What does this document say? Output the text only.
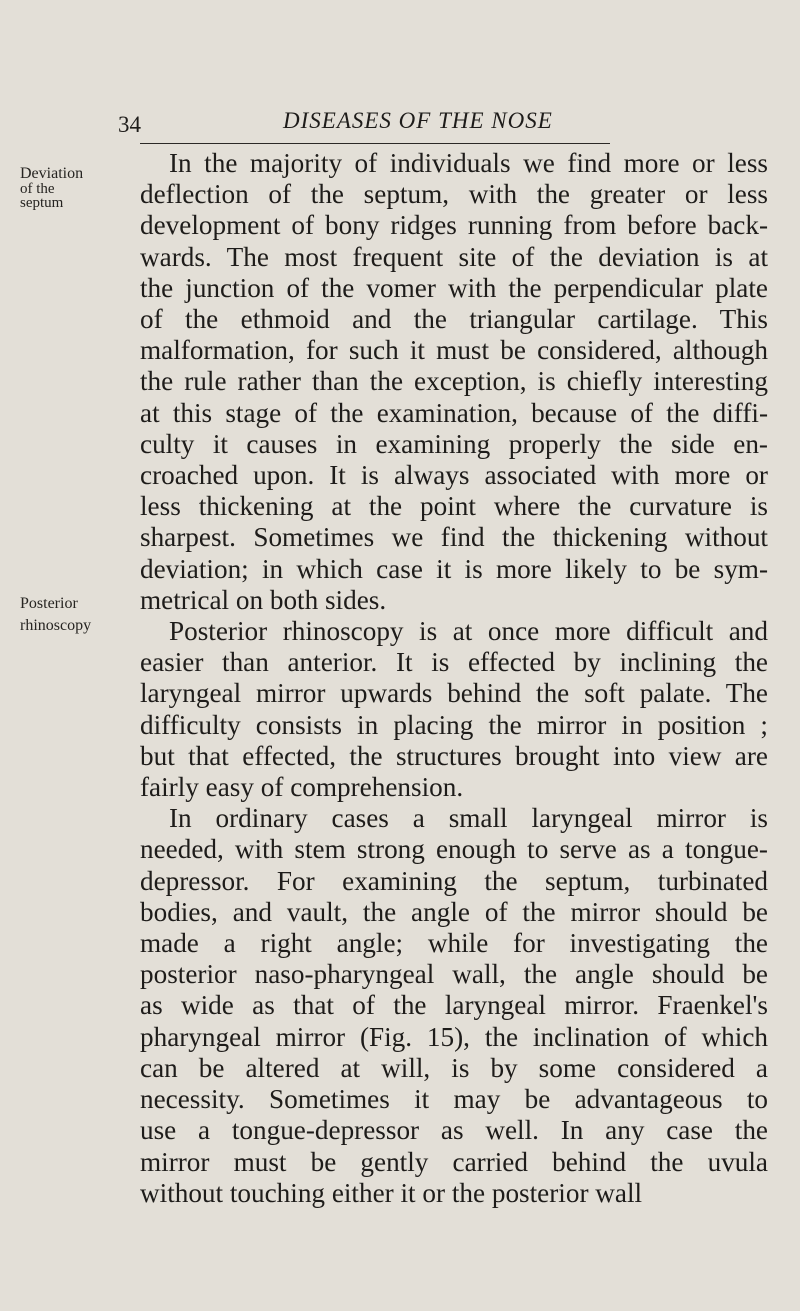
34	DISEASES OF THE NOSE
Deviation
of the
septum
Posterior
rhinoscopy

In the majority of individuals we find more or less
deflection of the septum, with the greater or less
development of bony ridges running from before back-
wards. The most frequent site of the deviation is at
the junction of the vomer with the perpendicular plate
of the ethmoid and the triangular cartilage. This
malformation, for such it must be considered, although
the rule rather than the exception, is chiefly interesting
at this stage of the examination, because of the diffi-
culty it causes in examining properly the side en-
croached upon. It is always associated with more or
less thickening at the point where the curvature is
sharpest. Sometimes we find the thickening without
deviation; in which case it is more likely to be sym-
metrical on both sides.

Posterior rhinoscopy is at once more difficult and
easier than anterior. It is effected by inclining the
laryngeal mirror upwards behind the soft palate. The
difficulty consists in placing the mirror in position ;
but that effected, the structures brought into view are
fairly easy of comprehension.

In ordinary cases a small laryngeal mirror is
needed, with stem strong enough to serve as a tongue-
depressor. For examining the septum, turbinated
bodies, and vault, the angle of the mirror should be
made a right angle; while for investigating the
posterior naso-pharyngeal wall, the angle should be
as wide as that of the laryngeal mirror. Fraenkel's
pharyngeal mirror (Fig. 15), the inclination of which
can be altered at will, is by some considered a
necessity. Sometimes it may be advantageous to
use a tongue-depressor as well. In any case the
mirror must be gently carried behind the uvula
without touching either it or the posterior wall
